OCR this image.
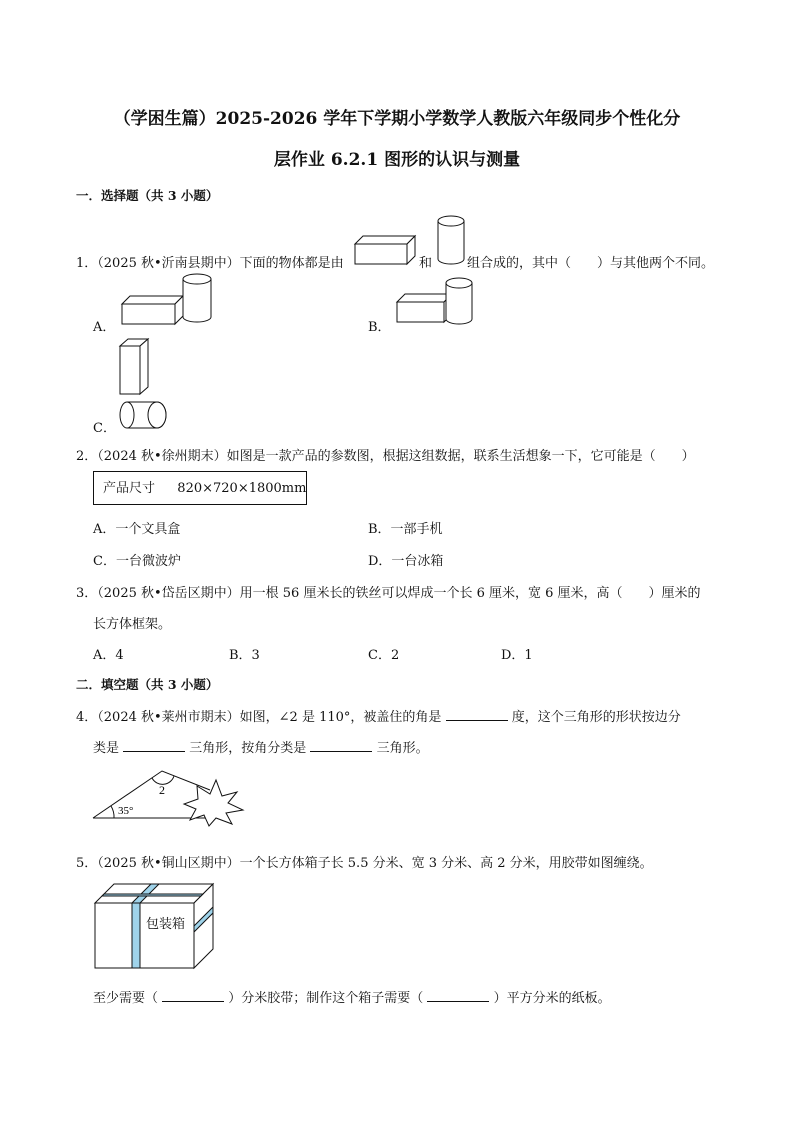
（学困生篇）2025-2026 学年下学期小学数学人教版六年级同步个性化分
层作业 6.2.1 图形的认识与测量
一．选择题（共 3 小题）
1．（2025 秋•沂南县期中）下面的物体都是由	和	组合成的，其中（　　）与其他两个不同。
A．	B．
C．
2．（2024 秋•徐州期末）如图是一款产品的参数图，根据这组数据，联系生活想象一下，它可能是（　　）
产品尺寸 820×720×1800mm
A．一个文具盒	B．一部手机
C．一台微波炉	D．一台冰箱
3．（2025 秋•岱岳区期中）用一根 56 厘米长的铁丝可以焊成一个长 6 厘米，宽 6 厘米，高（　　）厘米的
长方体框架。
A．4	B．3	C．2	D．1
二．填空题（共 3 小题）
4．（2024 秋•莱州市期末）如图，∠2 是 110°，被盖住的角是	度，这个三角形的形状按边分
类是	三角形，按角分类是	三角形。
2
35°
5．（2025 秋•铜山区期中）一个长方体箱子长 5.5 分米、宽 3 分米、高 2 分米，用胶带如图缠绕。
包装箱
至少需要（	）分米胶带；制作这个箱子需要（	）平方分米的纸板。
